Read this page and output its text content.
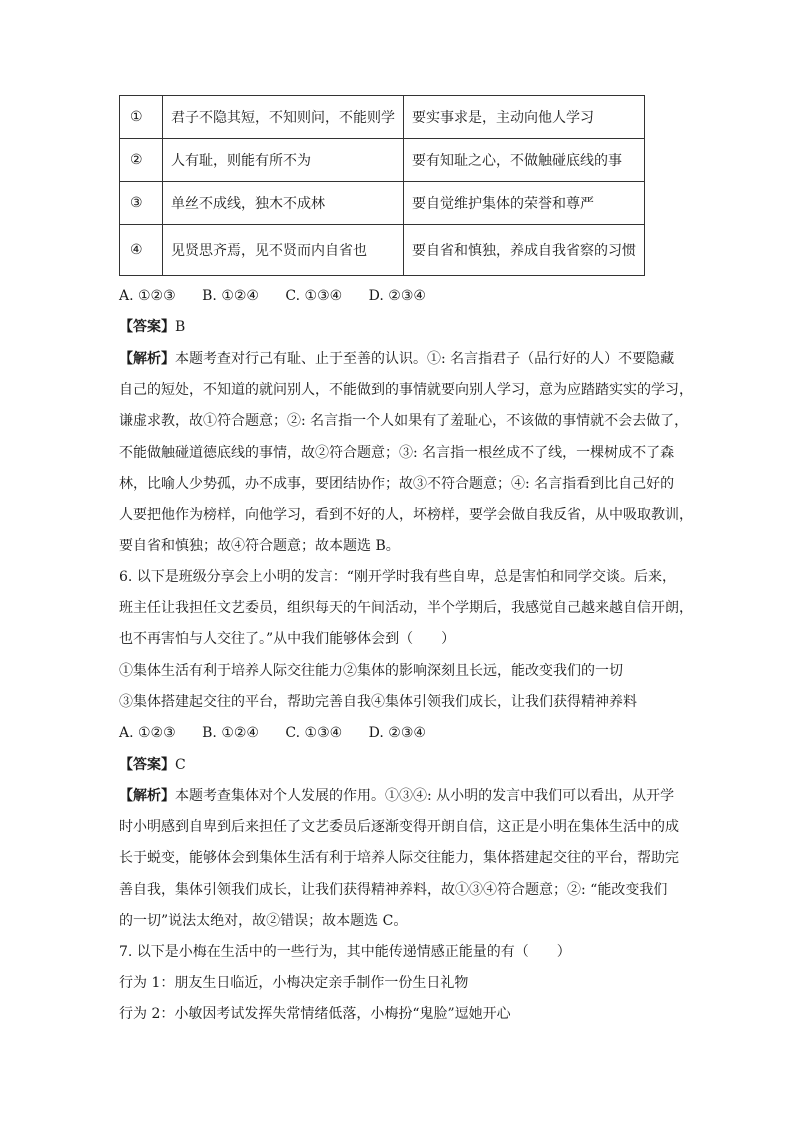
①	君子不隐其短，不知则问，不能则学	要实事求是，主动向他人学习
②	人有耻，则能有所不为	要有知耻之心，不做触碰底线的事
③	单丝不成线，独木不成林	要自觉维护集体的荣誉和尊严
④	见贤思齐焉，见不贤而内自省也	要自省和慎独，养成自我省察的习惯
A. ①②③ B. ①②④ C. ①③④ D. ②③④
【答案】B
【解析】本题考查对行己有耻、止于至善的认识。①: 名言指君子（品行好的人）不要隐藏
自己的短处，不知道的就问别人，不能做到的事情就要向别人学习，意为应踏踏实实的学习，
谦虚求教，故①符合题意；②: 名言指一个人如果有了羞耻心，不该做的事情就不会去做了，
不能做触碰道德底线的事情，故②符合题意；③: 名言指一根丝成不了线，一棵树成不了森
林，比喻人少势孤，办不成事，要团结协作；故③不符合题意；④: 名言指看到比自己好的
人要把他作为榜样，向他学习，看到不好的人，坏榜样，要学会做自我反省，从中吸取教训，
要自省和慎独；故④符合题意；故本题选 B。
6. 以下是班级分享会上小明的发言：“刚开学时我有些自卑，总是害怕和同学交谈。后来，
班主任让我担任文艺委员，组织每天的午间活动，半个学期后，我感觉自己越来越自信开朗，
也不再害怕与人交往了。”从中我们能够体会到（　　）
①集体生活有利于培养人际交往能力②集体的影响深刻且长远，能改变我们的一切
③集体搭建起交往的平台，帮助完善自我④集体引领我们成长，让我们获得精神养料
A. ①②③ B. ①②④ C. ①③④ D. ②③④
【答案】C
【解析】本题考查集体对个人发展的作用。①③④: 从小明的发言中我们可以看出，从开学
时小明感到自卑到后来担任了文艺委员后逐渐变得开朗自信，这正是小明在集体生活中的成
长于蜕变，能够体会到集体生活有利于培养人际交往能力，集体搭建起交往的平台，帮助完
善自我，集体引领我们成长，让我们获得精神养料，故①③④符合题意；②: “能改变我们
的一切”说法太绝对，故②错误；故本题选 C。
7. 以下是小梅在生活中的一些行为，其中能传递情感正能量的有（　　）
行为 1：朋友生日临近，小梅决定亲手制作一份生日礼物
行为 2：小敏因考试发挥失常情绪低落，小梅扮“鬼脸”逗她开心
